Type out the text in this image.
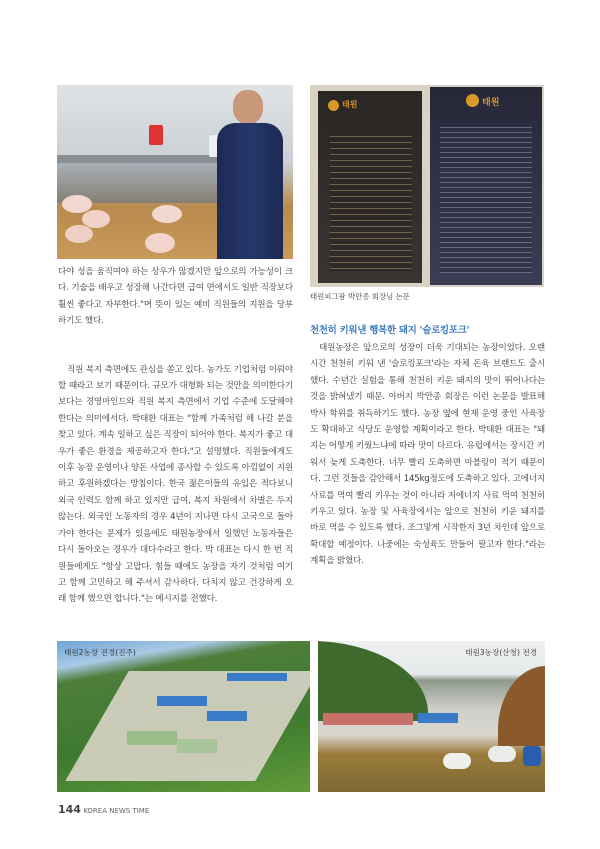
태원	태원
태원피그팜 박만종 회장님 논문

다야 성을 움직여야 하는 상우가 많겠지만 앞으로의 가능성이 크다. 기술을 배우고 성장해 나간다면 급여 면에서도 일반 직장보다 훨씬 좋다고 자부한다."며 뜻이 있는 예비 직원들의 지원을 당부하기도 했다.

직원 복지 측면에도 관심을 쏟고 있다. 농가도 기업처럼 이뤄야 할 때라고 보기 때문이다. 규모가 대형화 되는 것만을 의미한다기 보다는 경영마인드와 직원 복지 측면에서 기업 수준에 도달해야 한다는 의미에서다. 박태환 대표는 "함께 가족처럼 해 나갈 분을 찾고 있다. 계속 일하고 싶은 직장이 되어야 한다. 복지가 좋고 대우가 좋은 환경을 제공하고자 한다."고 설명했다. 직원들에게도 이후 농장 운영이나 양돈 사업에 종사할 수 있도록 아낌없이 지원하고 후원하겠다는 방침이다. 한국 젊은이들의 유입은 적다보니 외국 인력도 함께 하고 있지만 급여, 복지 차원에서 차별은 두지 않는다. 외국인 노동자의 경우 4년이 지나면 다시 고국으로 돌아가야 한다는 문제가 있음에도 태원농장에서 일했던 노동자들은 다시 돌아오는 경우가 대다수라고 한다. 박 대표는 다시 한 번 직원들에게도 "항상 고맙다. 힘들 때에도 농장을 자기 것처럼 여기고 함께 고민하고 해 주셔서 감사하다. 다치지 않고 건강하게 오래 함께 했으면 합니다."는 메시지를 전했다.

천천히 키워낸 행복한 돼지 '슬로킹포크'

태원농장은 앞으로의 성장이 더욱 기대되는 농장이었다. 오랜 시간 천천히 키워 낸 '슬로킹포크'라는 자체 돈육 브랜드도 출시했다. 수년간 실험을 통해 천천히 키운 돼지의 맛이 뛰어나다는 것을 밝혀냈기 때문. 아버지 박만종 회장은 이런 논문을 발표해 박사 학위를 취득하기도 했다. 농장 옆에 현재 운영 중인 사육장도 확대하고 식당도 운영할 계획이라고 한다. 박태환 대표는 "돼지는 어떻게 키웠느냐에 따라 맛이 다르다. 유럽에서는 장시간 키워서 늦게 도축한다. 너무 빨리 도축하면 마블링이 적기 때문이다. 그런 것들을 감안해서 145kg정도에 도축하고 있다. 고에너지 사료를 먹여 빨리 키우는 것이 아니라 저에너지 사료 먹여 천천히 키우고 있다. 농장 및 사육장에서는 앞으로 천천히 키운 돼지를 바로 먹을 수 있도록 했다. 조그맣게 시작한지 3년 차인데 앞으로 확대할 예정이다. 나중에는 숙성육도 만들어 팔고자 한다."라는 계획을 밝혔다.

태원2농장 전경(진주)	태원3농장(산청) 전경
144 KOREA NEWS TIME
